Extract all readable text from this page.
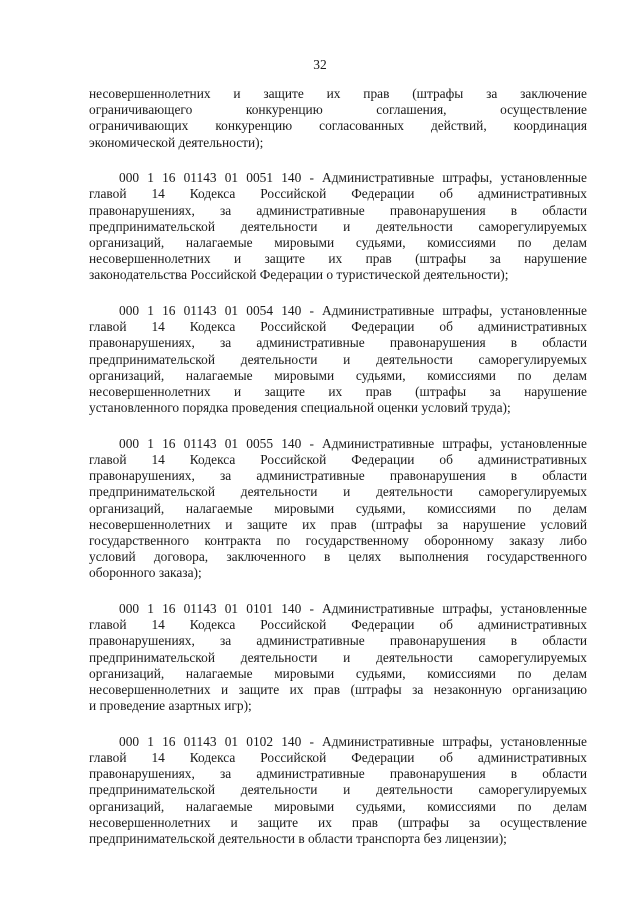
32
несовершеннолетних и защите их прав (штрафы за заключение
ограничивающего конкуренцию соглашения, осуществление
ограничивающих конкуренцию согласованных действий, координация
экономической деятельности);
000 1 16 01143 01 0051 140 - Административные штрафы, установленные
главой 14 Кодекса Российской Федерации об административных
правонарушениях, за административные правонарушения в области
предпринимательской деятельности и деятельности саморегулируемых
организаций, налагаемые мировыми судьями, комиссиями по делам
несовершеннолетних и защите их прав (штрафы за нарушение
законодательства Российской Федерации о туристической деятельности);
000 1 16 01143 01 0054 140 - Административные штрафы, установленные
главой 14 Кодекса Российской Федерации об административных
правонарушениях, за административные правонарушения в области
предпринимательской деятельности и деятельности саморегулируемых
организаций, налагаемые мировыми судьями, комиссиями по делам
несовершеннолетних и защите их прав (штрафы за нарушение
установленного порядка проведения специальной оценки условий труда);
000 1 16 01143 01 0055 140 - Административные штрафы, установленные
главой 14 Кодекса Российской Федерации об административных
правонарушениях, за административные правонарушения в области
предпринимательской деятельности и деятельности саморегулируемых
организаций, налагаемые мировыми судьями, комиссиями по делам
несовершеннолетних и защите их прав (штрафы за нарушение условий
государственного контракта по государственному оборонному заказу либо
условий договора, заключенного в целях выполнения государственного
оборонного заказа);
000 1 16 01143 01 0101 140 - Административные штрафы, установленные
главой 14 Кодекса Российской Федерации об административных
правонарушениях, за административные правонарушения в области
предпринимательской деятельности и деятельности саморегулируемых
организаций, налагаемые мировыми судьями, комиссиями по делам
несовершеннолетних и защите их прав (штрафы за незаконную организацию
и проведение азартных игр);
000 1 16 01143 01 0102 140 - Административные штрафы, установленные
главой 14 Кодекса Российской Федерации об административных
правонарушениях, за административные правонарушения в области
предпринимательской деятельности и деятельности саморегулируемых
организаций, налагаемые мировыми судьями, комиссиями по делам
несовершеннолетних и защите их прав (штрафы за осуществление
предпринимательской деятельности в области транспорта без лицензии);
